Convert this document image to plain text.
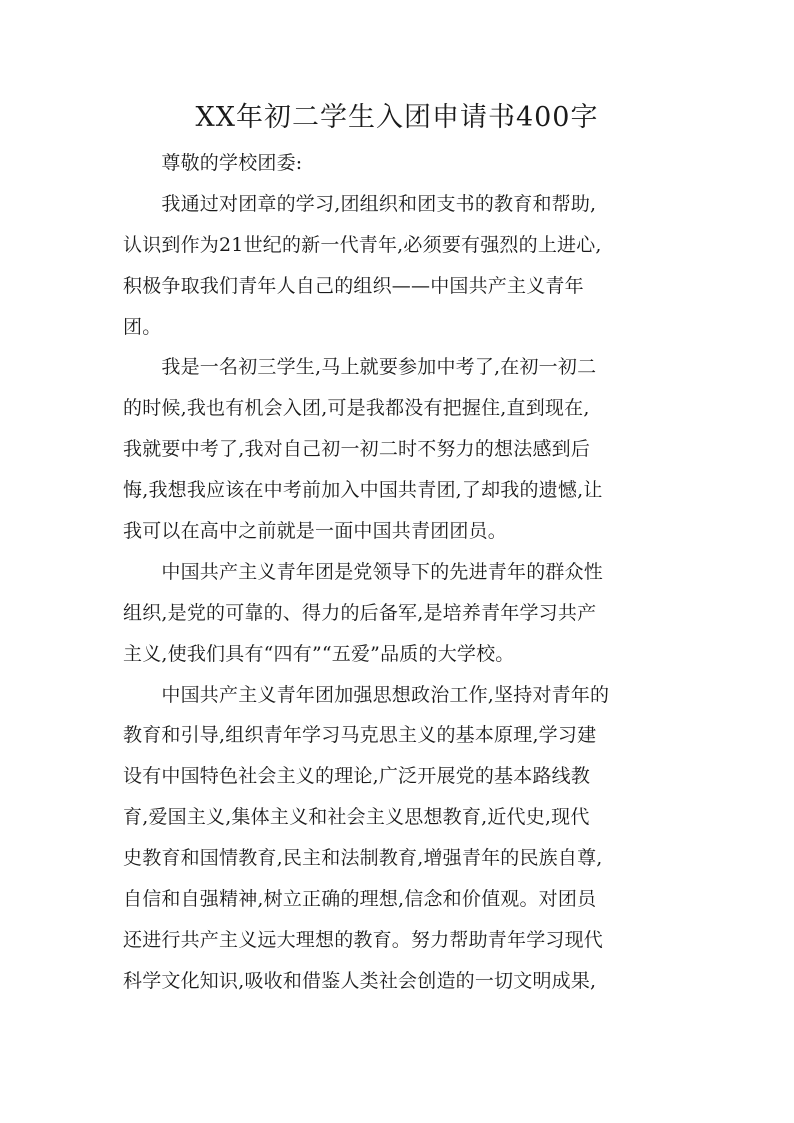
XX年初二学生入团申请书400字
　　尊敬的学校团委:
　　我通过对团章的学习,团组织和团支书的教育和帮助,
认识到作为21世纪的新一代青年,必须要有强烈的上进心,
积极争取我们青年人自己的组织——中国共产主义青年
团。
　　我是一名初三学生,马上就要参加中考了,在初一初二
的时候,我也有机会入团,可是我都没有把握住,直到现在,
我就要中考了,我对自己初一初二时不努力的想法感到后
悔,我想我应该在中考前加入中国共青团,了却我的遗憾,让
我可以在高中之前就是一面中国共青团团员。
　　中国共产主义青年团是党领导下的先进青年的群众性
组织,是党的可靠的、得力的后备军,是培养青年学习共产
主义,使我们具有“四有”“五爱”品质的大学校。
　　中国共产主义青年团加强思想政治工作,坚持对青年的
教育和引导,组织青年学习马克思主义的基本原理,学习建
设有中国特色社会主义的理论,广泛开展党的基本路线教
育,爱国主义,集体主义和社会主义思想教育,近代史,现代
史教育和国情教育,民主和法制教育,增强青年的民族自尊,
自信和自强精神,树立正确的理想,信念和价值观。对团员
还进行共产主义远大理想的教育。努力帮助青年学习现代
科学文化知识,吸收和借鉴人类社会创造的一切文明成果,
